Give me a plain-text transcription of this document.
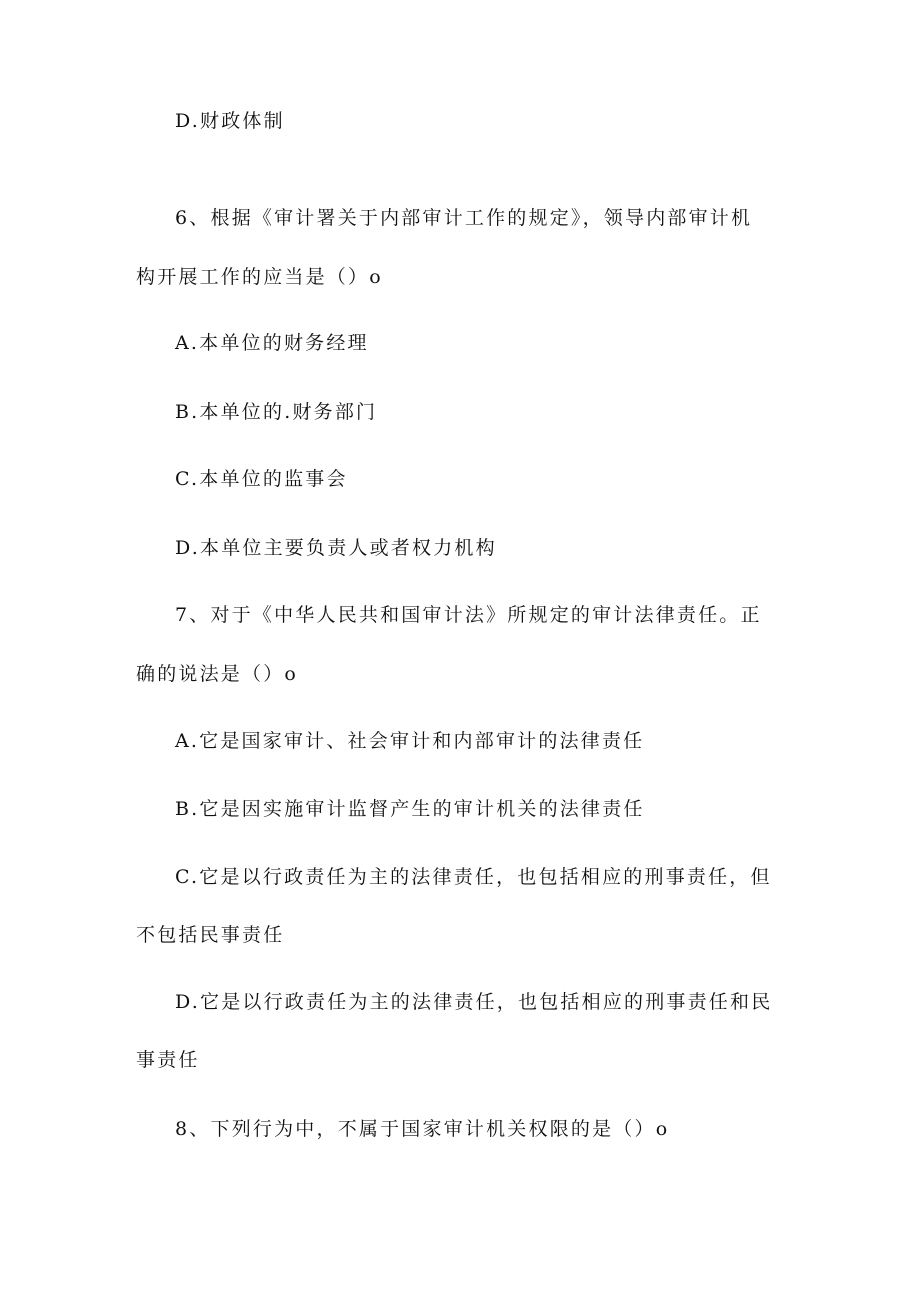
D.财政体制

6、根据《审计署关于内部审计工作的规定》，领导内部审计机

构开展工作的应当是（）o

A.本单位的财务经理

B.本单位的.财务部门

C.本单位的监事会

D.本单位主要负责人或者权力机构

7、对于《中华人民共和国审计法》所规定的审计法律责任。正

确的说法是（）o

A.它是国家审计、社会审计和内部审计的法律责任

B.它是因实施审计监督产生的审计机关的法律责任

C.它是以行政责任为主的法律责任，也包括相应的刑事责任，但

不包括民事责任

D.它是以行政责任为主的法律责任，也包括相应的刑事责任和民

事责任

8、下列行为中，不属于国家审计机关权限的是（）o
